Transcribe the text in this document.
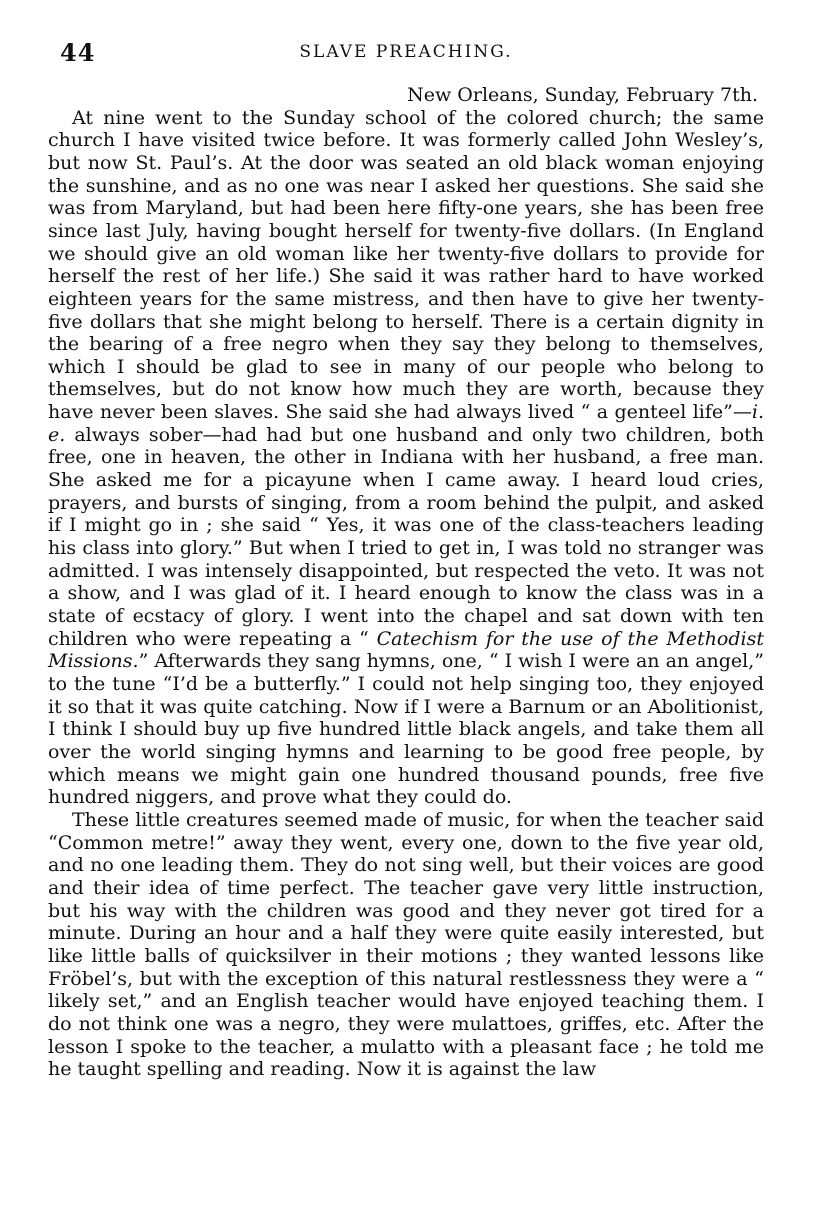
44	SLAVE PREACHING.
New Orleans, Sunday, February 7th.

At nine went to the Sunday school of the colored church; the same church I have visited twice before. It was formerly called John Wesley’s, but now St. Paul’s. At the door was seated an old black woman enjoying the sunshine, and as no one was near I asked her questions. She said she was from Maryland, but had been here fifty-one years, she has been free since last July, having bought herself for twenty-five dollars. (In England we should give an old woman like her twenty-five dollars to provide for herself the rest of her life.) She said it was rather hard to have worked eighteen years for the same mistress, and then have to give her twenty-five dollars that she might belong to herself. There is a certain dignity in the bearing of a free negro when they say they belong to themselves, which I should be glad to see in many of our people who belong to themselves, but do not know how much they are worth, because they have never been slaves. She said she had always lived “ a genteel life”—i. e. always sober—had had but one husband and only two children, both free, one in heaven, the other in Indiana with her husband, a free man. She asked me for a picayune when I came away. I heard loud cries, prayers, and bursts of singing, from a room behind the pulpit, and asked if I might go in ; she said “ Yes, it was one of the class-teachers leading his class into glory.” But when I tried to get in, I was told no stranger was admitted. I was intensely disappointed, but respected the veto. It was not a show, and I was glad of it. I heard enough to know the class was in a state of ecstacy of glory. I went into the chapel and sat down with ten children who were repeating a “ Catechism for the use of the Methodist Missions.” Afterwards they sang hymns, one, “ I wish I were an an angel,” to the tune “I’d be a butterfly.” I could not help singing too, they enjoyed it so that it was quite catching. Now if I were a Barnum or an Abolitionist, I think I should buy up five hundred little black angels, and take them all over the world singing hymns and learning to be good free people, by which means we might gain one hundred thousand pounds, free five hundred niggers, and prove what they could do.

These little creatures seemed made of music, for when the teacher said “Common metre!” away they went, every one, down to the five year old, and no one leading them. They do not sing well, but their voices are good and their idea of time perfect. The teacher gave very little instruction, but his way with the children was good and they never got tired for a minute. During an hour and a half they were quite easily interested, but like little balls of quicksilver in their motions ; they wanted lessons like Fröbel’s, but with the exception of this natural restlessness they were a “ likely set,” and an English teacher would have enjoyed teaching them. I do not think one was a negro, they were mulattoes, griffes, etc. After the lesson I spoke to the teacher, a mulatto with a pleasant face ; he told me he taught spelling and reading. Now it is against the law
